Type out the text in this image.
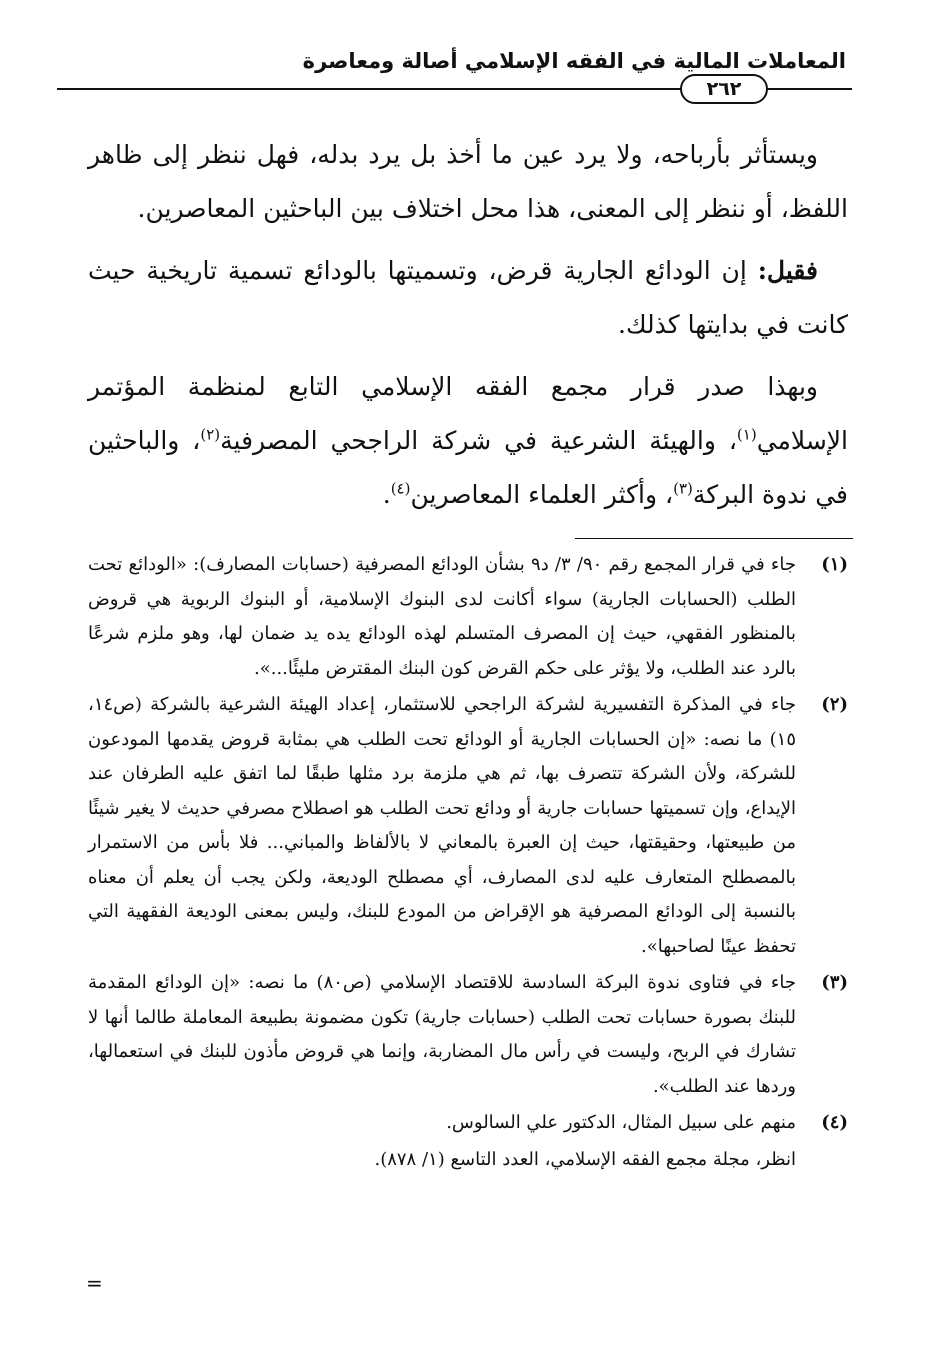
المعاملات المالية في الفقه الإسلامي أصالة ومعاصرة
٢٦٢

ويستأثر بأرباحه، ولا يرد عين ما أخذ بل يرد بدله، فهل ننظر إلى ظاهر اللفظ، أو ننظر إلى المعنى، هذا محل اختلاف بين الباحثين المعاصرين.

فقيل: إن الودائع الجارية قرض، وتسميتها بالودائع تسمية تاريخية حيث كانت في بدايتها كذلك.

وبهذا صدر قرار مجمع الفقه الإسلامي التابع لمنظمة المؤتمر الإسلامي$^{(١)}$، والهيئة الشرعية في شركة الراجحي المصرفية$^{(٢)}$، والباحثين في ندوة البركة$^{(٣)}$، وأكثر العلماء المعاصرين$^{(٤)}$.

(١)
جاء في قرار المجمع رقم ٩٠/ ٣/ د٩ بشأن الودائع المصرفية (حسابات المصارف): «الودائع تحت الطلب (الحسابات الجارية) سواء أكانت لدى البنوك الإسلامية، أو البنوك الربوية هي قروض بالمنظور الفقهي، حيث إن المصرف المتسلم لهذه الودائع يده يد ضمان لها، وهو ملزم شرعًا بالرد عند الطلب، ولا يؤثر على حكم القرض كون البنك المقترض مليئًا...».
(٢)
جاء في المذكرة التفسيرية لشركة الراجحي للاستثمار، إعداد الهيئة الشرعية بالشركة (ص١٤، ١٥) ما نصه: «إن الحسابات الجارية أو الودائع تحت الطلب هي بمثابة قروض يقدمها المودعون للشركة، ولأن الشركة تتصرف بها، ثم هي ملزمة برد مثلها طبقًا لما اتفق عليه الطرفان عند الإيداع، وإن تسميتها حسابات جارية أو ودائع تحت الطلب هو اصطلاح مصرفي حديث لا يغير شيئًا من طبيعتها، وحقيقتها، حيث إن العبرة بالمعاني لا بالألفاظ والمباني... فلا بأس من الاستمرار بالمصطلح المتعارف عليه لدى المصارف، أي مصطلح الوديعة، ولكن يجب أن يعلم أن معناه بالنسبة إلى الودائع المصرفية هو الإقراض من المودع للبنك، وليس بمعنى الوديعة الفقهية التي تحفظ عينًا لصاحبها».
(٣)
جاء في فتاوى ندوة البركة السادسة للاقتصاد الإسلامي (ص٨٠) ما نصه: «إن الودائع المقدمة للبنك بصورة حسابات تحت الطلب (حسابات جارية) تكون مضمونة بطبيعة المعاملة طالما أنها لا تشارك في الربح، وليست في رأس مال المضاربة، وإنما هي قروض مأذون للبنك في استعمالها، وردها عند الطلب».
(٤)
منهم على سبيل المثال، الدكتور علي السالوس.
انظر، مجلة مجمع الفقه الإسلامي، العدد التاسع (١/ ٨٧٨).
=
